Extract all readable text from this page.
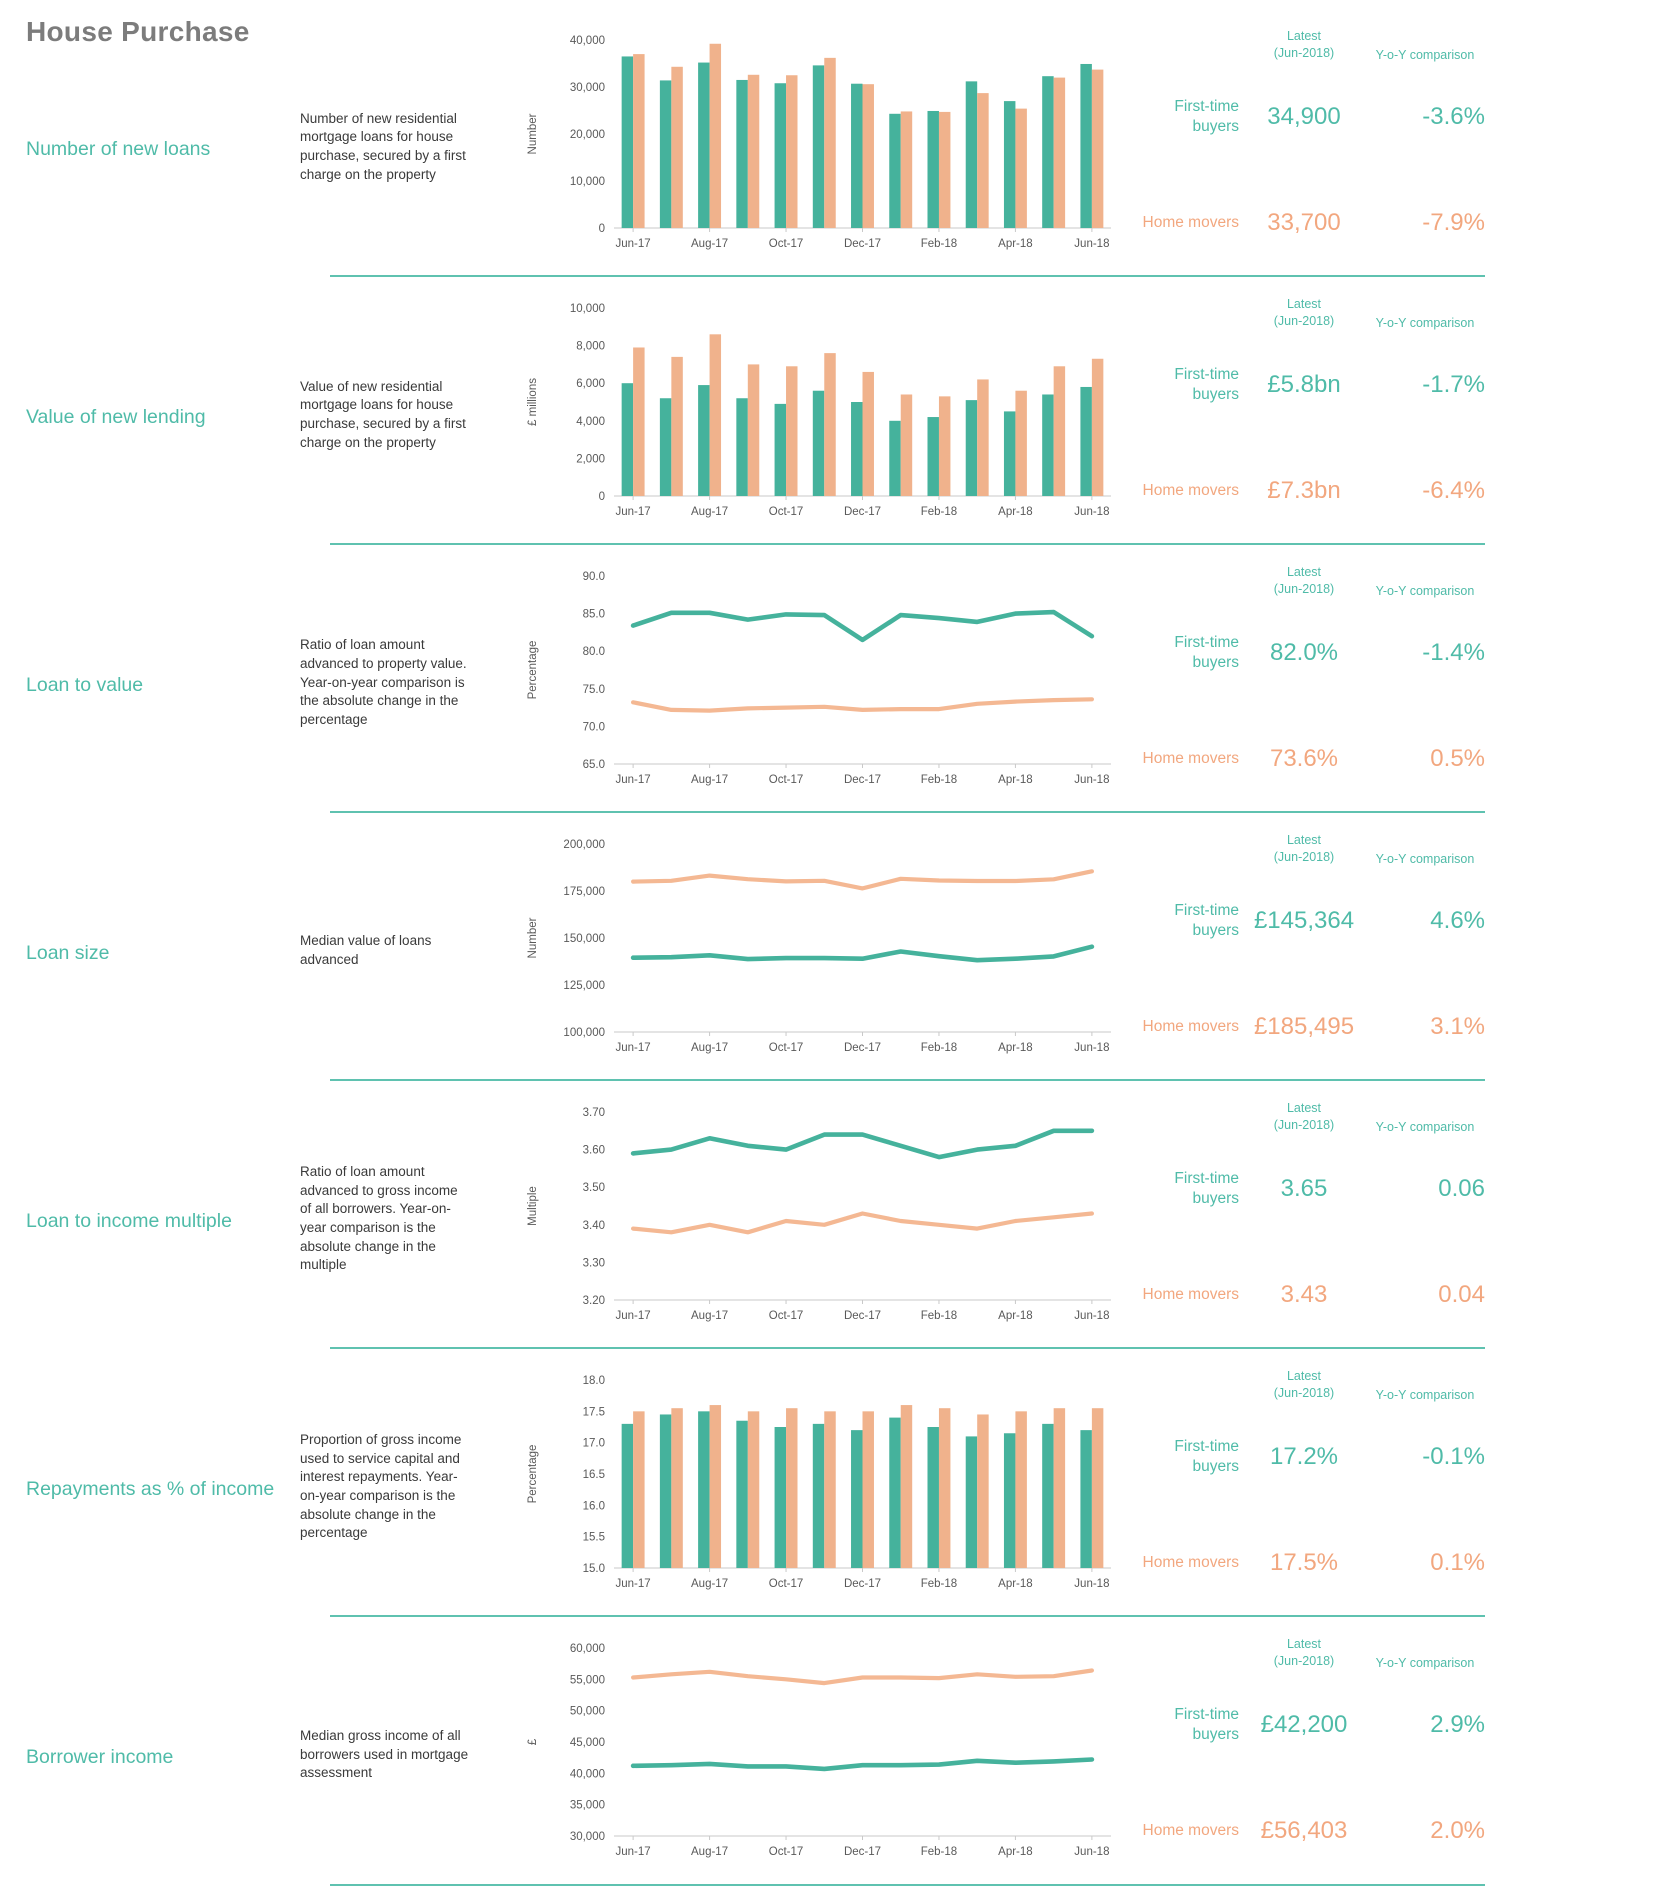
House Purchase
Number of new loans
Number of new residential mortgage loans for house purchase, secured by a first charge on the property
0
10,000
20,000
30,000
40,000
Number
Jun-17	Aug-17	Oct-17	Dec-17	Feb-18	Apr-18	Jun-18
Latest
(Jun-2018)	Y-o-Y comparison
First-time buyers	34,900	-3.6%
Home movers	33,700	-7.9%
Value of new lending
Value of new residential mortgage loans for house purchase, secured by a first charge on the property
0
2,000
4,000
6,000
8,000
10,000
£ millions
Jun-17	Aug-17	Oct-17	Dec-17	Feb-18	Apr-18	Jun-18
Latest
(Jun-2018)	Y-o-Y comparison
First-time buyers	£5.8bn	-1.7%
Home movers	£7.3bn	-6.4%
Loan to value
Ratio of loan amount advanced to property value. Year-on-year comparison is the absolute change in the percentage
65.0
70.0
75.0
80.0
85.0
90.0
Percentage
Jun-17	Aug-17	Oct-17	Dec-17	Feb-18	Apr-18	Jun-18
Latest
(Jun-2018)	Y-o-Y comparison
First-time buyers	82.0%	-1.4%
Home movers	73.6%	0.5%
Loan size
Median value of loans advanced
100,000
125,000
150,000
175,000
200,000
Number
Jun-17	Aug-17	Oct-17	Dec-17	Feb-18	Apr-18	Jun-18
Latest
(Jun-2018)	Y-o-Y comparison
First-time buyers £145,364	4.6%
Home movers £185,495	3.1%
Loan to income multiple
Ratio of loan amount advanced to gross income of all borrowers. Year-on-year comparison is the absolute change in the multiple
3.20
3.30
3.40
3.50
3.60
3.70
Multiple
Jun-17	Aug-17	Oct-17	Dec-17	Feb-18	Apr-18	Jun-18
Latest
(Jun-2018)	Y-o-Y comparison
First-time buyers	3.65	0.06
Home movers	3.43	0.04
Repayments as % of income
Proportion of gross income used to service capital and interest repayments. Year-on-year comparison is the absolute change in the percentage
15.0
15.5
16.0
16.5
17.0
17.5
18.0
Percentage
Jun-17	Aug-17	Oct-17	Dec-17	Feb-18	Apr-18	Jun-18
Latest
(Jun-2018)	Y-o-Y comparison
First-time buyers	17.2%	-0.1%
Home movers	17.5%	0.1%
Borrower income
Median gross income of all borrowers used in mortgage assessment
30,000
35,000
40,000
45,000
50,000
55,000
60,000
£
Jun-17	Aug-17	Oct-17	Dec-17	Feb-18	Apr-18	Jun-18
Latest
(Jun-2018)	Y-o-Y comparison
First-time buyers £42,200	2.9%
Home movers £56,403	2.0%
